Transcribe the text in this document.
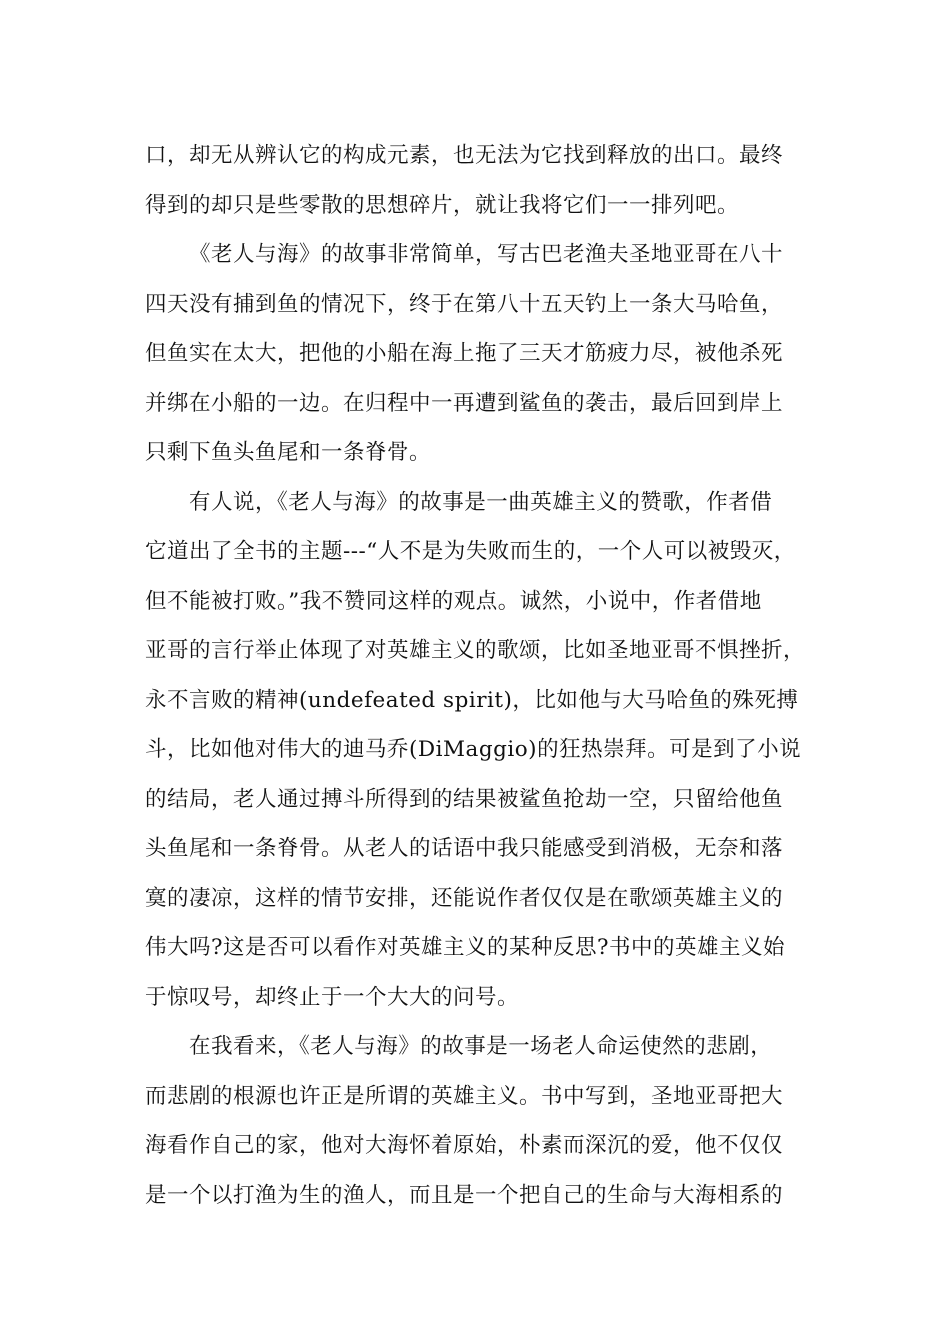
口，却无从辨认它的构成元素，也无法为它找到释放的出口。最终
得到的却只是些零散的思想碎片，就让我将它们一一排列吧。
《老人与海》的故事非常简单，写古巴老渔夫圣地亚哥在八十
四天没有捕到鱼的情况下，终于在第八十五天钓上一条大马哈鱼，
但鱼实在太大，把他的小船在海上拖了三天才筋疲力尽，被他杀死
并绑在小船的一边。在归程中一再遭到鲨鱼的袭击，最后回到岸上
只剩下鱼头鱼尾和一条脊骨。
有人说，《老人与海》的故事是一曲英雄主义的赞歌，作者借
它道出了全书的主题---“人不是为失败而生的，一个人可以被毁灭，
但不能被打败。”我不赞同这样的观点。诚然，小说中，作者借地
亚哥的言行举止体现了对英雄主义的歌颂，比如圣地亚哥不惧挫折，
永不言败的精神(undefeated spirit)，比如他与大马哈鱼的殊死搏
斗，比如他对伟大的迪马乔(DiMaggio)的狂热崇拜。可是到了小说
的结局，老人通过搏斗所得到的结果被鲨鱼抢劫一空，只留给他鱼
头鱼尾和一条脊骨。从老人的话语中我只能感受到消极，无奈和落
寞的凄凉，这样的情节安排，还能说作者仅仅是在歌颂英雄主义的
伟大吗?这是否可以看作对英雄主义的某种反思?书中的英雄主义始
于惊叹号，却终止于一个大大的问号。
在我看来，《老人与海》的故事是一场老人命运使然的悲剧，
而悲剧的根源也许正是所谓的英雄主义。书中写到，圣地亚哥把大
海看作自己的家，他对大海怀着原始，朴素而深沉的爱，他不仅仅
是一个以打渔为生的渔人，而且是一个把自己的生命与大海相系的
